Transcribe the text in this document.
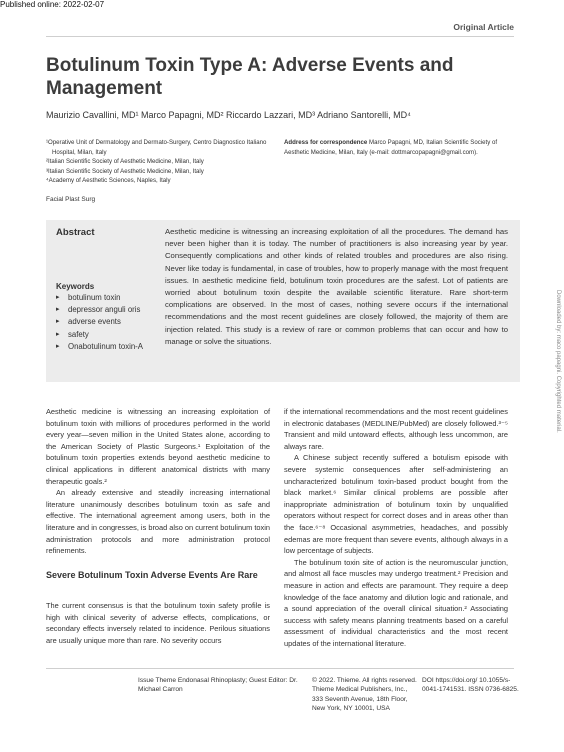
Published online: 2022-02-07
Original Article
Botulinum Toxin Type A: Adverse Events and Management
Maurizio Cavallini, MD¹ Marco Papagni, MD² Riccardo Lazzari, MD³ Adriano Santorelli, MD⁴
¹Operative Unit of Dermatology and Dermato-Surgery, Centro Diagnostico Italiano Hospital, Milan, Italy
²Italian Scientific Society of Aesthetic Medicine, Milan, Italy
³Italian Scientific Society of Aesthetic Medicine, Milan, Italy
⁴Academy of Aesthetic Sciences, Naples, Italy
Address for correspondence Marco Papagni, MD, Italian Scientific Society of Aesthetic Medicine, Milan, Italy (e-mail: dottmarcopapagni@gmail.com).
Facial Plast Surg
Abstract	Aesthetic medicine is witnessing an increasing exploitation of all the procedures. The demand has never been higher than it is today. The number of practitioners is also increasing year by year. Consequently complications and other kinds of related troubles and procedures are also rising. Never like today is fundamental, in case of troubles, how to properly manage with the most frequent issues. In aesthetic medicine field, botulinum toxin procedures are the safest. Lot of patients are worried about botulinum toxin despite the available scientific literature. Rare short-term complications are observed. In the most of cases, nothing severe occurs if the international recommendations and the most recent guidelines are closely followed, the majority of them are injection related. This study is a review of rare or common problems that can occur and how to manage or solve the situations.
Keywords
▸ botulinum toxin
▸ depressor anguli oris
▸ adverse events
▸ safety
▸ Onabotulinum toxin-A

Aesthetic medicine is witnessing an increasing exploitation of botulinum toxin with millions of procedures performed in the world every year—seven million in the United States alone, according to the American Society of Plastic Surgeons.¹ Exploitation of the botulinum toxin properties extends beyond aesthetic medicine to clinical applications in different anatomical districts with many therapeutic goals.²

An already extensive and steadily increasing international literature unanimously describes botulinum toxin as safe and effective. The international agreement among users, both in the literature and in congresses, is broad also on current botulinum toxin administration protocols and more administration protocol refinements.

Severe Botulinum Toxin Adverse Events Are Rare

The current consensus is that the botulinum toxin safety profile is high with clinical severity of adverse effects, complications, or secondary effects inversely related to incidence. Perilous situations are usually unique more than rare. No severity occurs

if the international recommendations and the most recent guidelines in electronic databases (MEDLINE/PubMed) are closely followed.³⁻⁵ Transient and mild untoward effects, although less uncommon, are always rare.

A Chinese subject recently suffered a botulism episode with severe systemic consequences after self-administering an uncharacterized botulinum toxin-based product bought from the black market.⁶ Similar clinical problems are possible after inappropriate administration of botulinum toxin by unqualified operators without respect for correct doses and in areas other than the face.⁶⁻⁸ Occasional asymmetries, headaches, and possibly edemas are more frequent than severe events, although always in a low percentage of subjects.

The botulinum toxin site of action is the neuromuscular junction, and almost all face muscles may undergo treatment.² Precision and measure in action and effects are paramount. They require a deep knowledge of the face anatomy and dilution logic and rationale, and a sound appreciation of the overall clinical situation.² Associating success with safety means planning treatments based on a careful assessment of individual characteristics and the most recent updates of the international literature.

Issue Theme Endonasal Rhinoplasty; Guest Editor: Dr. Michael Carron
© 2022. Thieme. All rights reserved. Thieme Medical Publishers, Inc., 333 Seventh Avenue, 18th Floor, New York, NY 10001, USA
DOI https://doi.org/ 10.1055/s-0041-1741531. ISSN 0736-6825.
Downloaded by: maco papagni. Copyrighted material.
